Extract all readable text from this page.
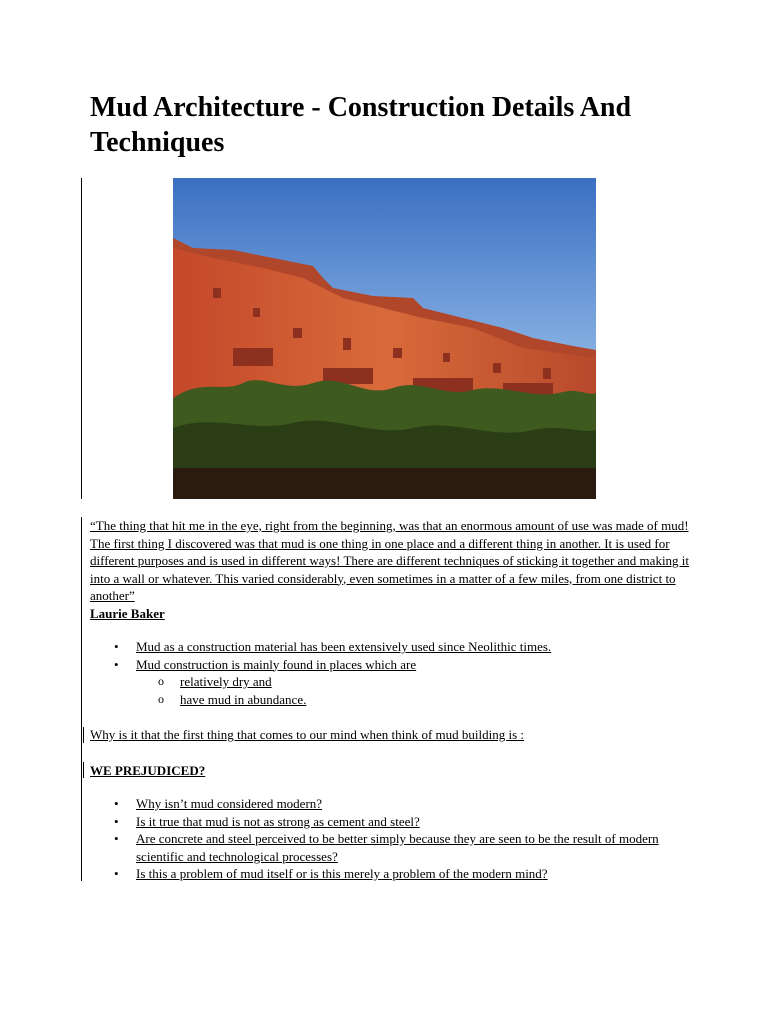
Mud Architecture - Construction Details And Techniques

“The thing that hit me in the eye, right from the beginning, was that an enormous amount of use was made of mud! The first thing I discovered was that mud is one thing in one place and a different thing in another. It is used for different purposes and is used in different ways! There are different techniques of sticking it together and making it into a wall or whatever. This varied considerably, even sometimes in a matter of a few miles, from one district to another”
Laurie Baker

• Mud as a construction material has been extensively used since Neolithic times.
• Mud construction is mainly found in places which are
o relatively dry and
o have mud in abundance.

Why is it that the first thing that comes to our mind when think of mud building is :

WE PREJUDICED?

• Why isn’t mud considered modern?
• Is it true that mud is not as strong as cement and steel?
• Are concrete and steel perceived to be better simply because they are seen to be the result of modern scientific and technological processes?
• Is this a problem of mud itself or is this merely a problem of the modern mind?
